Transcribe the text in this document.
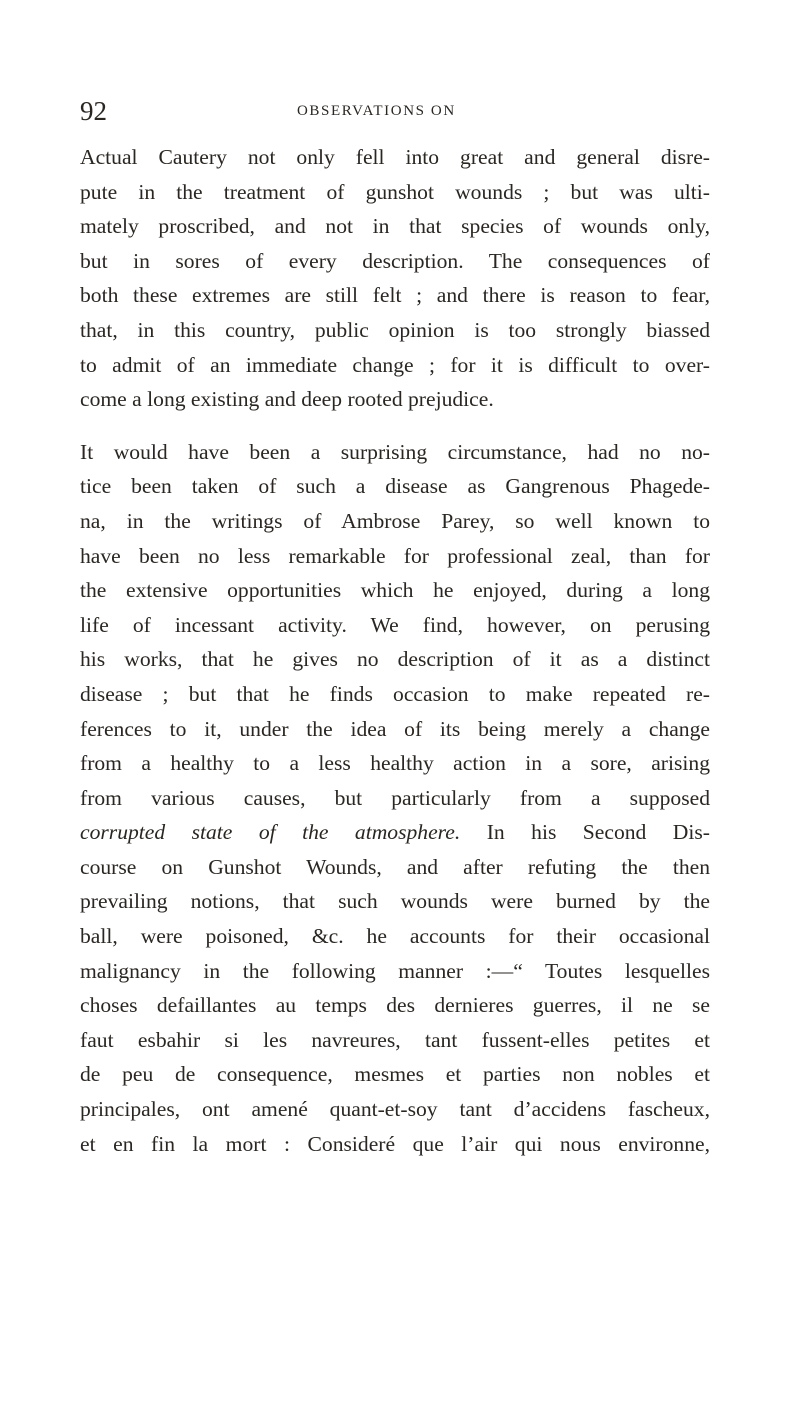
92	OBSERVATIONS ON
Actual Cautery not only fell into great and general disre-
pute in the treatment of gunshot wounds ; but was ulti-
mately proscribed, and not in that species of wounds only,
but in sores of every description. The consequences of
both these extremes are still felt ; and there is reason to fear,
that, in this country, public opinion is too strongly biassed
to admit of an immediate change ; for it is difficult to over-
come a long existing and deep rooted prejudice.
It would have been a surprising circumstance, had no no-
tice been taken of such a disease as Gangrenous Phagede-
na, in the writings of Ambrose Parey, so well known to
have been no less remarkable for professional zeal, than for
the extensive opportunities which he enjoyed, during a long
life of incessant activity. We find, however, on perusing
his works, that he gives no description of it as a distinct
disease ; but that he finds occasion to make repeated re-
ferences to it, under the idea of its being merely a change
from a healthy to a less healthy action in a sore, arising
from various causes, but particularly from a supposed
corrupted state of the atmosphere. In his Second Dis-
course on Gunshot Wounds, and after refuting the then
prevailing notions, that such wounds were burned by the
ball, were poisoned, &c. he accounts for their occasional
malignancy in the following manner :—“ Toutes lesquelles
choses defaillantes au temps des dernieres guerres, il ne se
faut esbahir si les navreures, tant fussent-elles petites et
de peu de consequence, mesmes et parties non nobles et
principales, ont amené quant-et-soy tant d’accidens fascheux,
et en fin la mort : Consideré que l’air qui nous environne,
